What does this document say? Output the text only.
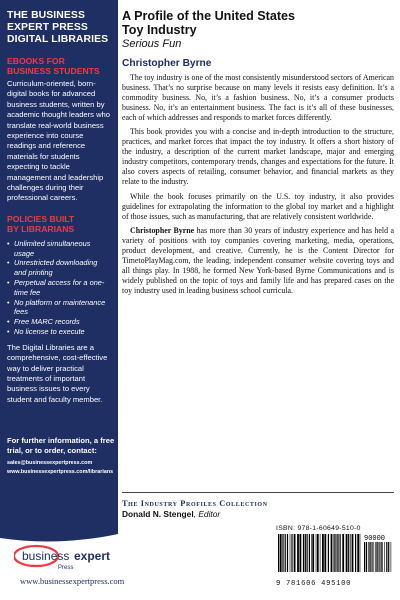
THE BUSINESS
EXPERT PRESS
DIGITAL LIBRARIES
EBOOKS FOR
BUSINESS STUDENTS
Curriculum-oriented, born-digital books for advanced business students, written by academic thought leaders who translate real-world business experience into course readings and reference materials for students expecting to tackle management and leadership challenges during their professional careers.
POLICIES BUILT
BY LIBRARIANS
• Unlimited simultaneous usage
• Unrestricted downloading and printing
• Perpetual access for a one-time fee
• No platform or maintenance fees
• Free MARC records
• No license to execute
The Digital Libraries are a comprehensive, cost-effective way to deliver practical treatments of important business issues to every student and faculty member.
For further information, a free trial, or to order, contact:
sales@businessexpertpress.com
www.businessexpertpress.com/librarians
A Profile of the United States
Toy Industry
Serious Fun
Christopher Byrne

The toy industry is one of the most consistently misunderstood sectors of American business. That’s no surprise because on many levels it resists easy definition. It’s a commodity business. No, it’s a fashion business. No, it’s a consumer products business. No, it’s an entertainment business. The fact is it’s all of these businesses, each of which addresses and responds to market forces differently.

This book provides you with a concise and in-depth introduction to the structure, practices, and market forces that impact the toy industry. It offers a short history of the industry, a description of the current market landscape, major and emerging industry competitors, contemporary trends, changes and expectations for the future. It also covers aspects of retailing, consumer behavior, and financial markets as they relate to the industry.

While the book focuses primarily on the U.S. toy industry, it also provides guidelines for extrapolating the information to the global toy market and a highlight of those issues, such as manufacturing, that are relatively consistent worldwide.

Christopher Byrne has more than 30 years of industry experience and has held a variety of positions with toy companies covering marketing, media, operations, product development, and creative. Currently, he is the Content Director for TimetoPlayMag.com, the leading, independent consumer website covering toys and all things play. In 1988, he formed New York-based Byrne Communications and is widely published on the topic of toys and family life and has prepared cases on the toy industry used in leading business school curricula.

The Industry Profiles Collection
Donald N. Stengel, Editor
ISBN: 978-1-60649-510-0
90000
9 781606 495100
business expert
Press
www.businessexpertpress.com
